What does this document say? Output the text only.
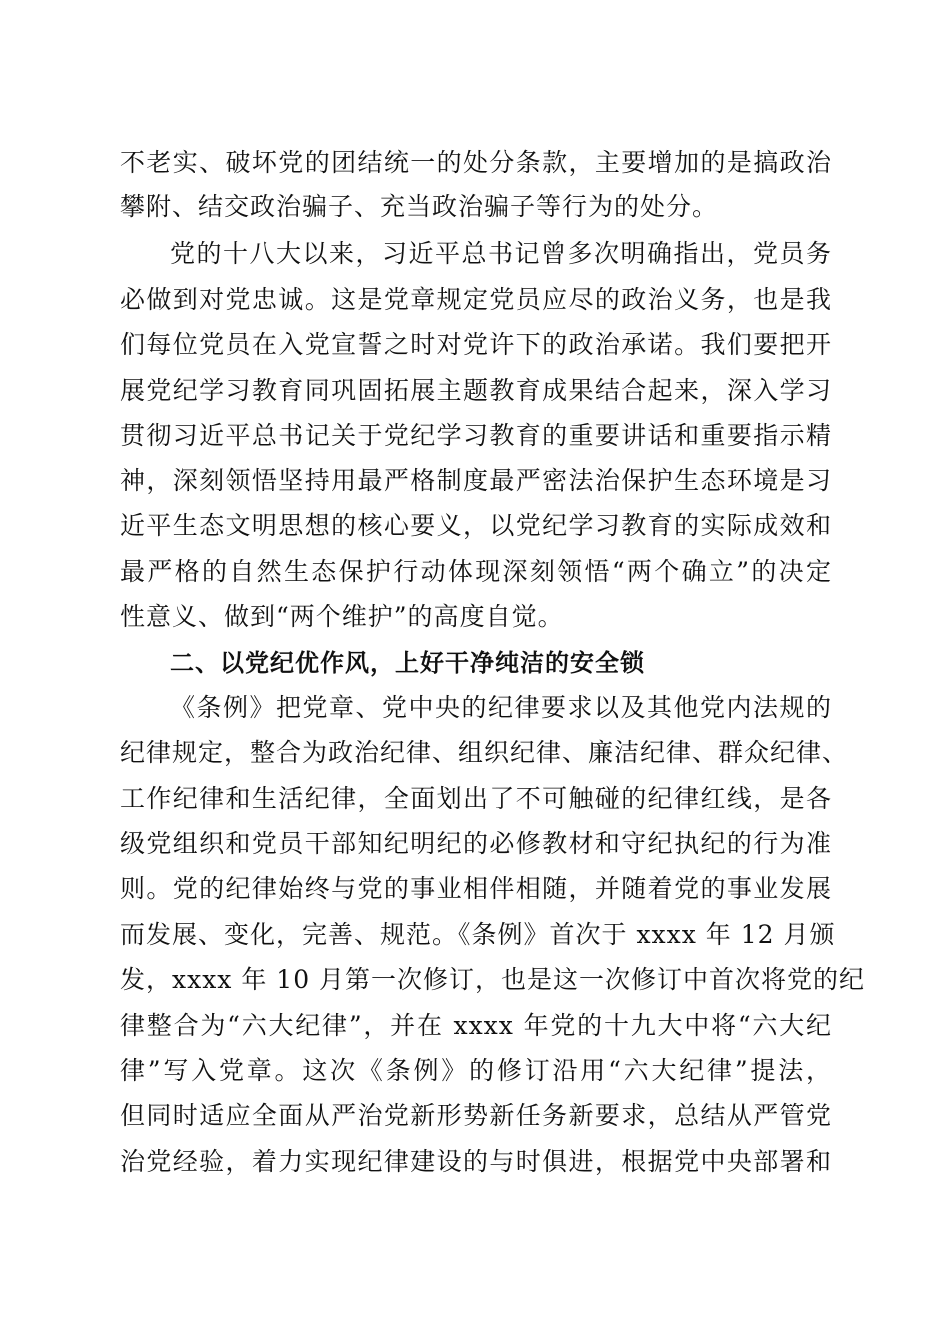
不老实、破坏党的团结统一的处分条款，主要增加的是搞政治
攀附、结交政治骗子、充当政治骗子等行为的处分。
党的十八大以来，习近平总书记曾多次明确指出，党员务
必做到对党忠诚。这是党章规定党员应尽的政治义务，也是我
们每位党员在入党宣誓之时对党许下的政治承诺。我们要把开
展党纪学习教育同巩固拓展主题教育成果结合起来，深入学习
贯彻习近平总书记关于党纪学习教育的重要讲话和重要指示精
神，深刻领悟坚持用最严格制度最严密法治保护生态环境是习
近平生态文明思想的核心要义，以党纪学习教育的实际成效和
最严格的自然生态保护行动体现深刻领悟“两个确立”的决定
性意义、做到“两个维护”的高度自觉。
二、以党纪优作风，上好干净纯洁的安全锁
《条例》把党章、党中央的纪律要求以及其他党内法规的
纪律规定，整合为政治纪律、组织纪律、廉洁纪律、群众纪律、
工作纪律和生活纪律，全面划出了不可触碰的纪律红线，是各
级党组织和党员干部知纪明纪的必修教材和守纪执纪的行为准
则。党的纪律始终与党的事业相伴相随，并随着党的事业发展
而发展、变化，完善、规范。《条例》首次于 xxxx 年 12 月颁
发，xxxx 年 10 月第一次修订，也是这一次修订中首次将党的纪
律整合为“六大纪律”，并在 xxxx 年党的十九大中将“六大纪
律”写入党章。这次《条例》的修订沿用“六大纪律”提法，
但同时适应全面从严治党新形势新任务新要求，总结从严管党
治党经验，着力实现纪律建设的与时俱进，根据党中央部署和
